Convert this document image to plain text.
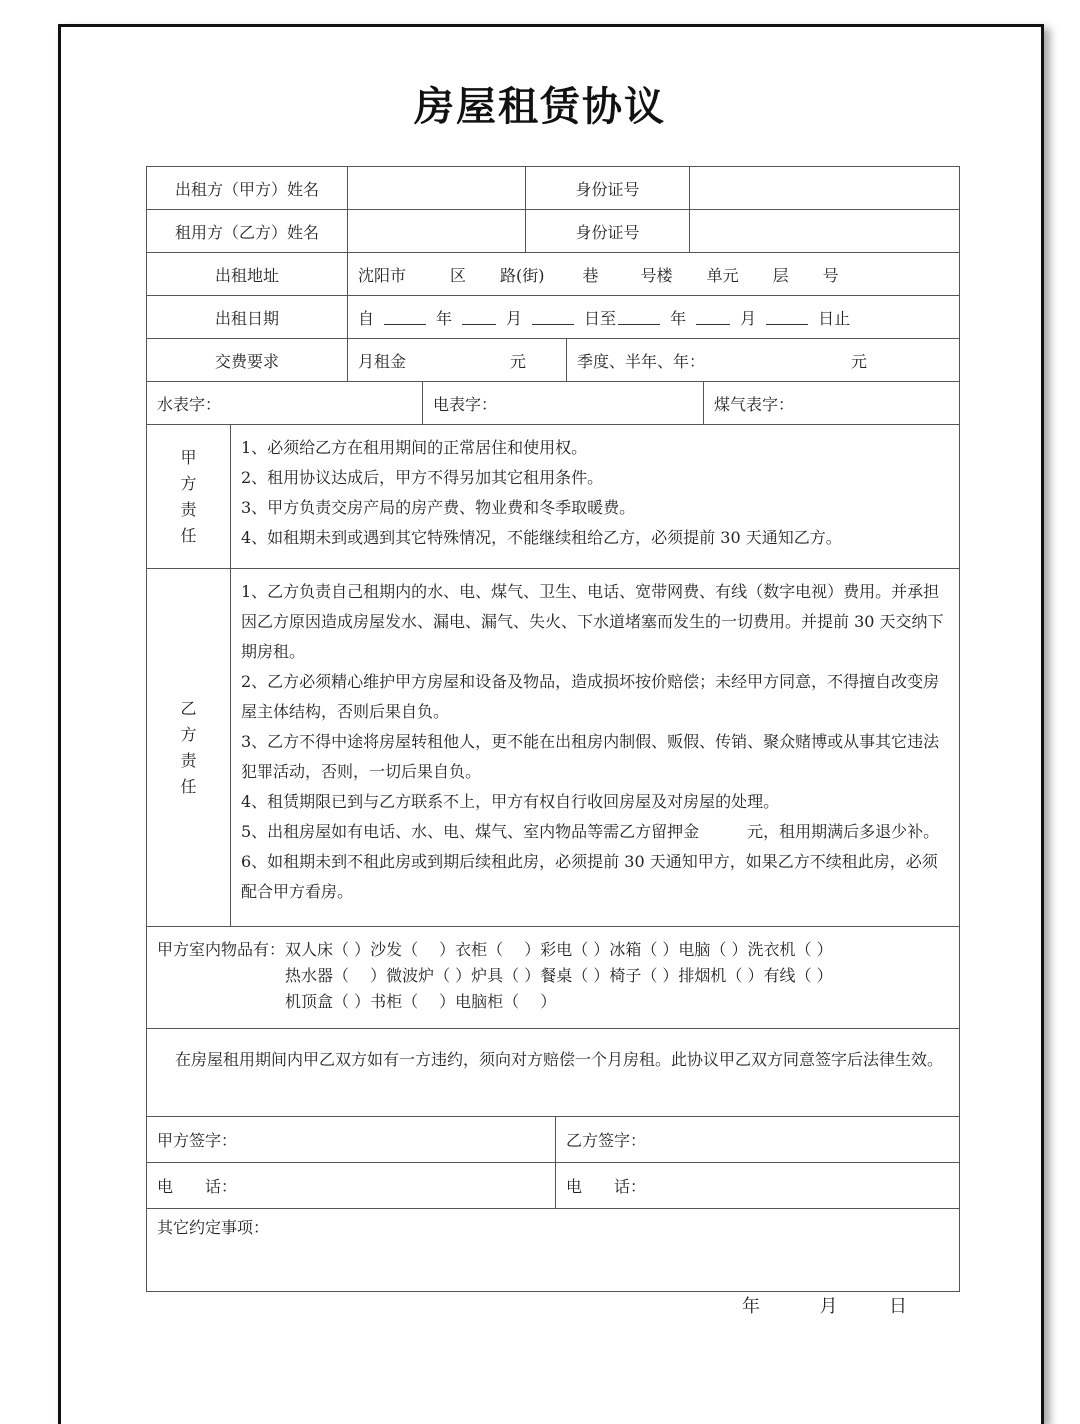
房屋租赁协议
出租方（甲方）姓名	身份证号
租用方（乙方）姓名	身份证号
出租地址	沈阳市	区 路(街) 巷	号楼 单元 层 号
出租日期	自	年	月	日至	年	月	日止
交费要求	月租金	元	季度、半年、年：	元
水表字：	电表字：	煤气表字：
甲
方
责
任
1、必须给乙方在租用期间的正常居住和使用权。
2、租用协议达成后，甲方不得另加其它租用条件。
3、甲方负责交房产局的房产费、物业费和冬季取暖费。
4、如租期未到或遇到其它特殊情况，不能继续租给乙方，必须提前 30 天通知乙方。
乙
方
责
任
1、乙方负责自己租期内的水、电、煤气、卫生、电话、宽带网费、有线（数字电视）费用。并承担因乙方原因造成房屋发水、漏电、漏气、失火、下水道堵塞而发生的一切费用。并提前 30 天交纳下期房租。
2、乙方必须精心维护甲方房屋和设备及物品，造成损坏按价赔偿；未经甲方同意，不得擅自改变房屋主体结构，否则后果自负。
3、乙方不得中途将房屋转租他人，更不能在出租房内制假、贩假、传销、聚众赌博或从事其它违法犯罪活动，否则，一切后果自负。
4、租赁期限已到与乙方联系不上，甲方有权自行收回房屋及对房屋的处理。
5、出租房屋如有电话、水、电、煤气、室内物品等需乙方留押金　　　元，租用期满后多退少补。
6、如租期未到不租此房或到期后续租此房，必须提前 30 天通知甲方，如果乙方不续租此房，必须配合甲方看房。
甲方室内物品有：双人床（ ）沙发（　 ）衣柜（　 ）彩电（ ）冰箱（ ）电脑（ ）洗衣机（ ）
热水器（　 ）微波炉（ ）炉具（ ）餐桌（ ）椅子（ ）排烟机（ ）有线（ ）
机顶盒（ ）书柜（　 ）电脑柜（　 ）
在房屋租用期间内甲乙双方如有一方违约，须向对方赔偿一个月房租。此协议甲乙双方同意签字后法律生效。
甲方签字：	乙方签字：
电　　话：	电　　话：
其它约定事项：
年	月	日
